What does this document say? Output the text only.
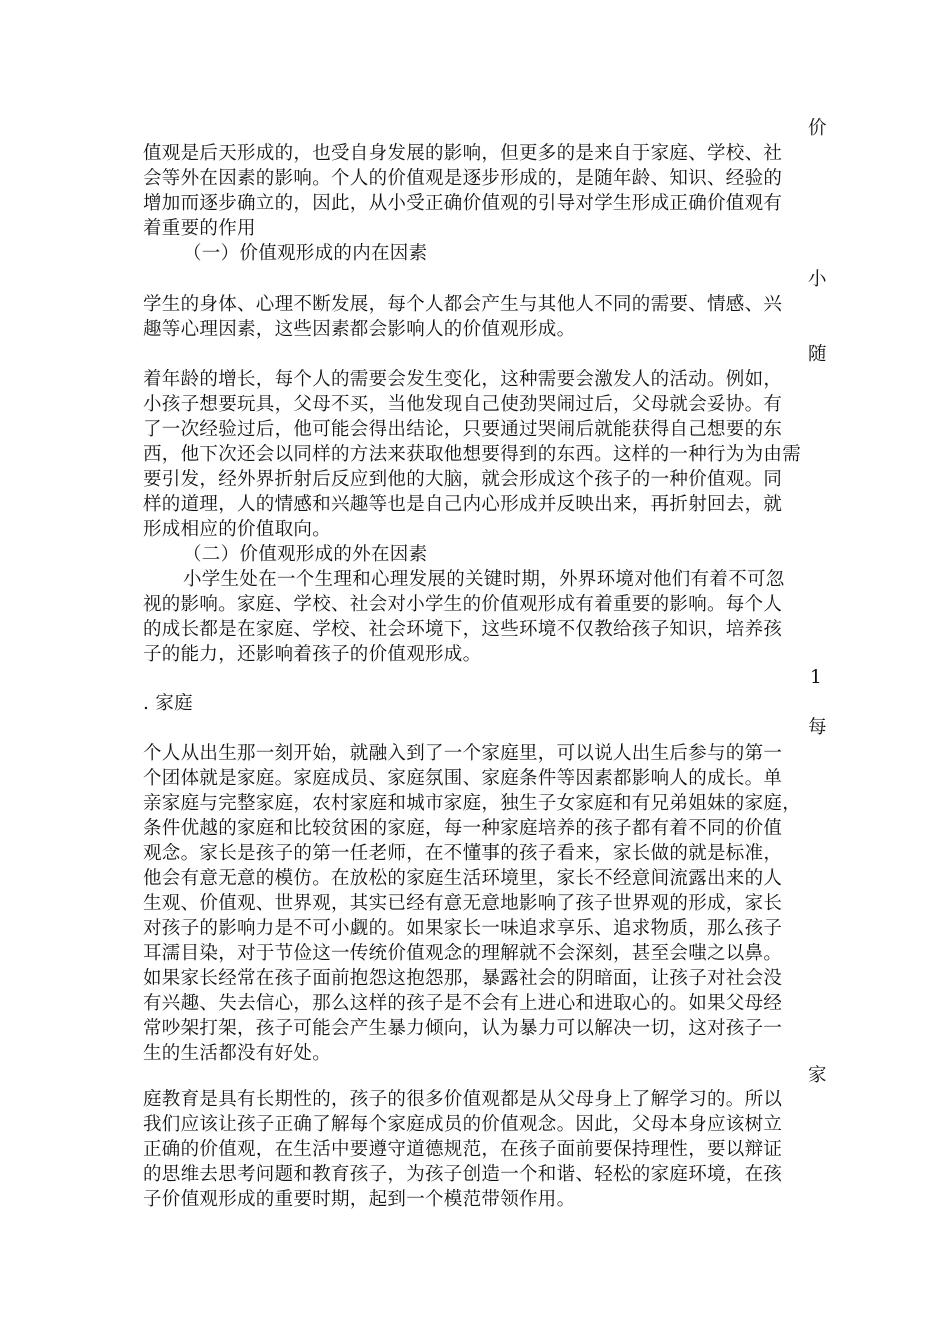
价
小
随
1
每
家
值观是后天形成的，也受自身发展的影响，但更多的是来自于家庭、学校、社
会等外在因素的影响。个人的价值观是逐步形成的，是随年龄、知识、经验的
增加而逐步确立的，因此，从小受正确价值观的引导对学生形成正确价值观有
着重要的作用
（一）价值观形成的内在因素
学生的身体、心理不断发展，每个人都会产生与其他人不同的需要、情感、兴
趣等心理因素，这些因素都会影响人的价值观形成。
着年龄的增长，每个人的需要会发生变化，这种需要会激发人的活动。例如，
小孩子想要玩具，父母不买，当他发现自己使劲哭闹过后，父母就会妥协。有
了一次经验过后，他可能会得出结论，只要通过哭闹后就能获得自己想要的东
西，他下次还会以同样的方法来获取他想要得到的东西。这样的一种行为为由需
要引发，经外界折射后反应到他的大脑，就会形成这个孩子的一种价值观。同
样的道理，人的情感和兴趣等也是自己内心形成并反映出来，再折射回去，就
形成相应的价值取向。
（二）价值观形成的外在因素
小学生处在一个生理和心理发展的关键时期，外界环境对他们有着不可忽
视的影响。家庭、学校、社会对小学生的价值观形成有着重要的影响。每个人
的成长都是在家庭、学校、社会环境下，这些环境不仅教给孩子知识，培养孩
子的能力，还影响着孩子的价值观形成。
. 家庭
个人从出生那一刻开始，就融入到了一个家庭里，可以说人出生后参与的第一
个团体就是家庭。家庭成员、家庭氛围、家庭条件等因素都影响人的成长。单
亲家庭与完整家庭，农村家庭和城市家庭，独生子女家庭和有兄弟姐妹的家庭，
条件优越的家庭和比较贫困的家庭，每一种家庭培养的孩子都有着不同的价值
观念。家长是孩子的第一任老师，在不懂事的孩子看来，家长做的就是标准，
他会有意无意的模仿。在放松的家庭生活环境里，家长不经意间流露出来的人
生观、价值观、世界观，其实已经有意无意地影响了孩子世界观的形成，家长
对孩子的影响力是不可小觑的。如果家长一味追求享乐、追求物质，那么孩子
耳濡目染，对于节俭这一传统价值观念的理解就不会深刻，甚至会嗤之以鼻。
如果家长经常在孩子面前抱怨这抱怨那，暴露社会的阴暗面，让孩子对社会没
有兴趣、失去信心，那么这样的孩子是不会有上进心和进取心的。如果父母经
常吵架打架，孩子可能会产生暴力倾向，认为暴力可以解决一切，这对孩子一
生的生活都没有好处。
庭教育是具有长期性的，孩子的很多价值观都是从父母身上了解学习的。所以
我们应该让孩子正确了解每个家庭成员的价值观念。因此，父母本身应该树立
正确的价值观，在生活中要遵守道德规范，在孩子面前要保持理性，要以辩证
的思维去思考问题和教育孩子，为孩子创造一个和谐、轻松的家庭环境，在孩
子价值观形成的重要时期，起到一个模范带领作用。
